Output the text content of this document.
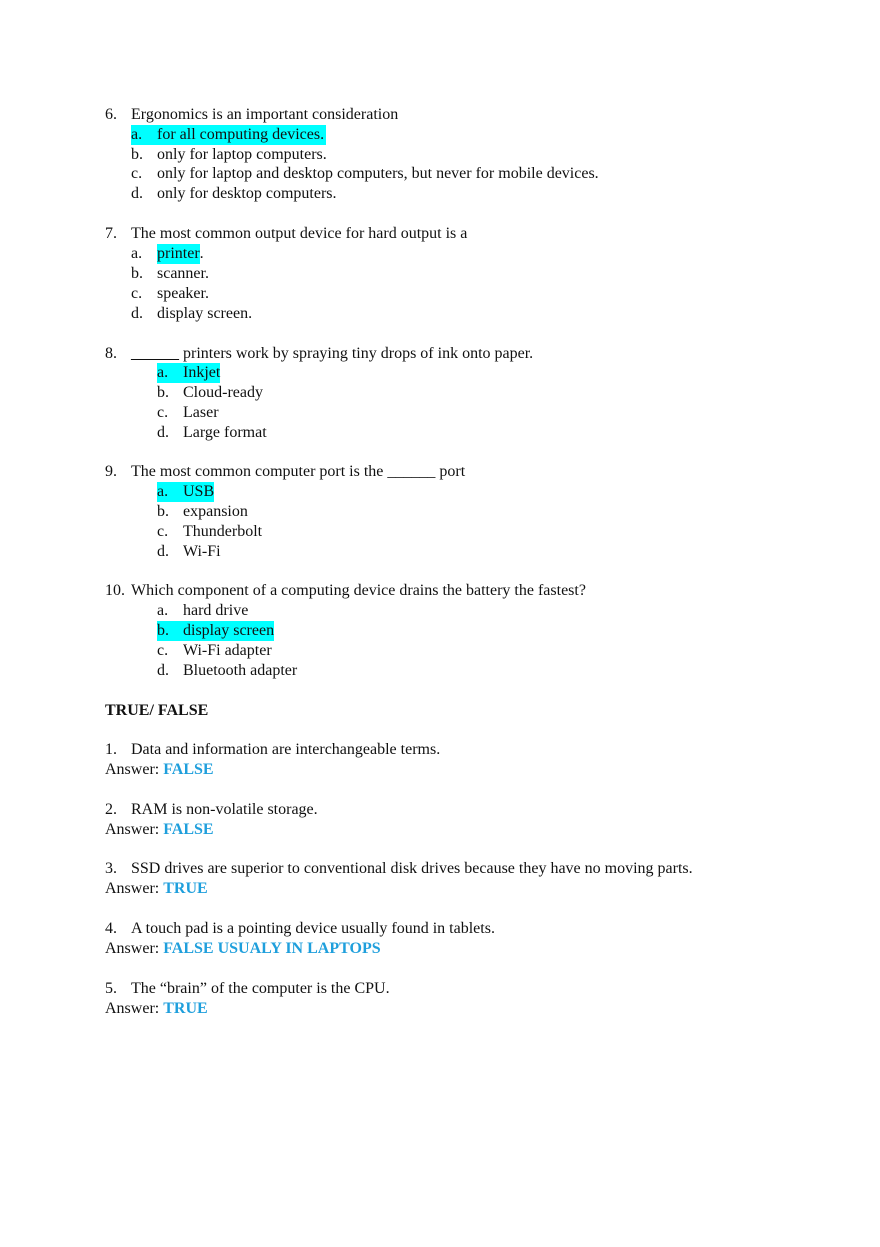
6. Ergonomics is an important consideration
a. for all computing devices.
b. only for laptop computers.
c. only for laptop and desktop computers, but never for mobile devices.
d. only for desktop computers.
7. The most common output device for hard output is a
a. printer.
b. scanner.
c. speaker.
d. display screen.
8. ______ printers work by spraying tiny drops of ink onto paper.
a. Inkjet
b. Cloud-ready
c. Laser
d. Large format
9. The most common computer port is the ______ port
a. USB
b. expansion
c. Thunderbolt
d. Wi-Fi
10. Which component of a computing device drains the battery the fastest?
a. hard drive
b. display screen
c. Wi-Fi adapter
d. Bluetooth adapter
TRUE/ FALSE
1. Data and information are interchangeable terms.
Answer: FALSE
2. RAM is non-volatile storage.
Answer: FALSE
3. SSD drives are superior to conventional disk drives because they have no moving parts.
Answer: TRUE
4. A touch pad is a pointing device usually found in tablets.
Answer: FALSE USUALY IN LAPTOPS
5. The “brain” of the computer is the CPU.
Answer: TRUE
